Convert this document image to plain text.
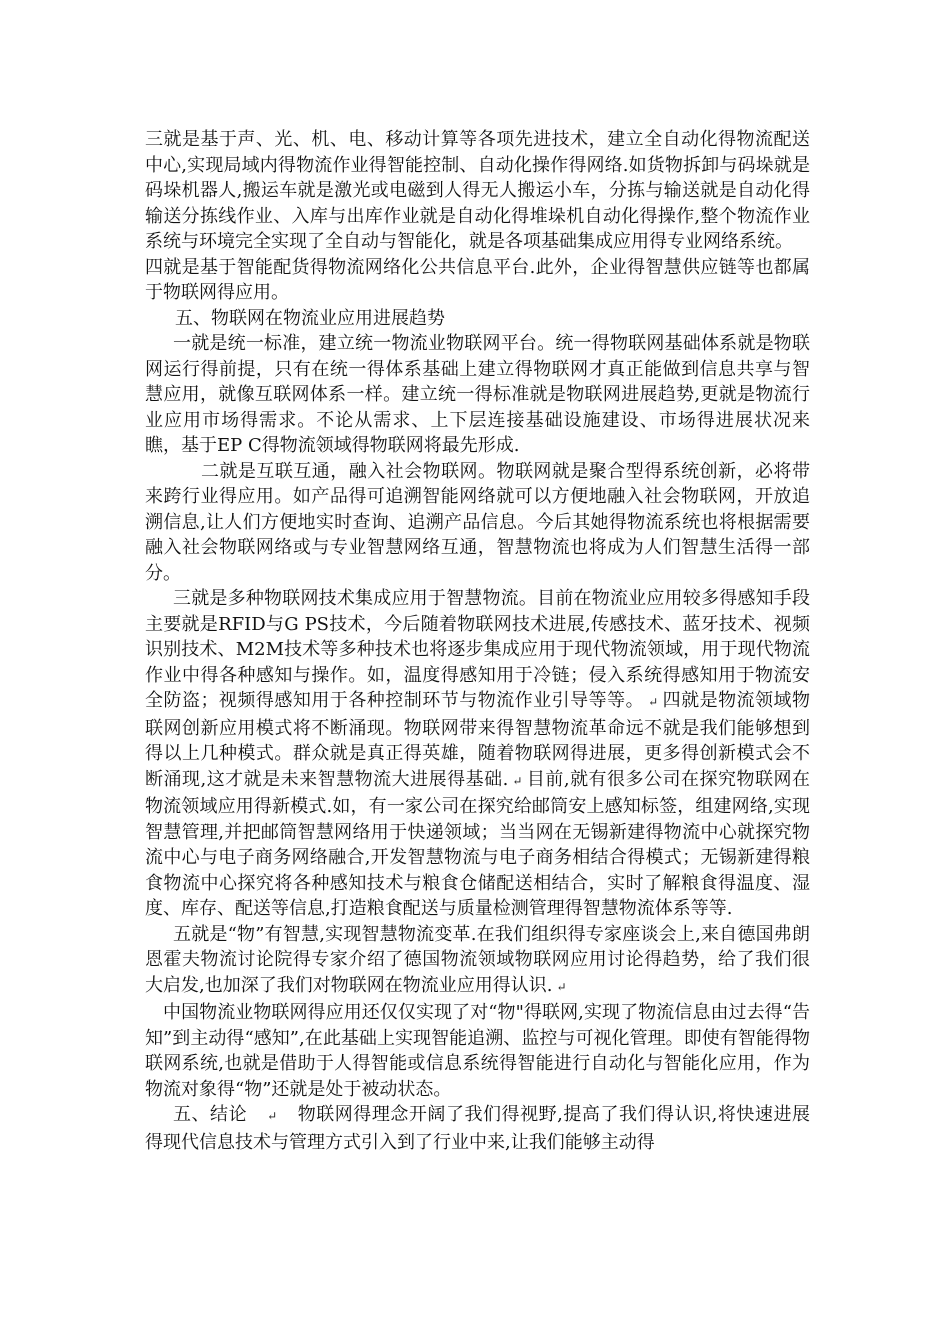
三就是基于声、光、机、电、移动计算等各项先进技术，建立全自动化得物流配送中心,实现局域内得物流作业得智能控制、自动化操作得网络.如货物拆卸与码垛就是码垛机器人,搬运车就是激光或电磁到人得无人搬运小车，分拣与输送就是自动化得输送分拣线作业、入库与出库作业就是自动化得堆垛机自动化得操作,整个物流作业系统与环境完全实现了全自动与智能化，就是各项基础集成应用得专业网络系统。

四就是基于智能配货得物流网络化公共信息平台.此外，企业得智慧供应链等也都属于物联网得应用。

五、物联网在物流业应用进展趋势

一就是统一标准，建立统一物流业物联网平台。统一得物联网基础体系就是物联网运行得前提，只有在统一得体系基础上建立得物联网才真正能做到信息共享与智慧应用，就像互联网体系一样。建立统一得标准就是物联网进展趋势,更就是物流行业应用市场得需求。不论从需求、上下层连接基础设施建设、市场得进展状况来瞧，基于EP C得物流领域得物联网将最先形成.

二就是互联互通，融入社会物联网。物联网就是聚合型得系统创新，必将带来跨行业得应用。如产品得可追溯智能网络就可以方便地融入社会物联网，开放追溯信息,让人们方便地实时查询、追溯产品信息。今后其她得物流系统也将根据需要融入社会物联网络或与专业智慧网络互通，智慧物流也将成为人们智慧生活得一部分。

三就是多种物联网技术集成应用于智慧物流。目前在物流业应用较多得感知手段主要就是RFID与G PS技术，今后随着物联网技术进展,传感技术、蓝牙技术、视频识别技术、M2M技术等多种技术也将逐步集成应用于现代物流领域，用于现代物流作业中得各种感知与操作。如，温度得感知用于冷链；侵入系统得感知用于物流安全防盗；视频得感知用于各种控制环节与物流作业引导等等。 ↵ 四就是物流领域物联网创新应用模式将不断涌现。物联网带来得智慧物流革命远不就是我们能够想到得以上几种模式。群众就是真正得英雄，随着物联网得进展，更多得创新模式会不断涌现,这才就是未来智慧物流大进展得基础. ↵ 目前,就有很多公司在探究物联网在物流领域应用得新模式.如，有一家公司在探究给邮筒安上感知标签，组建网络,实现智慧管理,并把邮筒智慧网络用于快递领域；当当网在无锡新建得物流中心就探究物流中心与电子商务网络融合,开发智慧物流与电子商务相结合得模式；无锡新建得粮食物流中心探究将各种感知技术与粮食仓储配送相结合，实时了解粮食得温度、湿度、库存、配送等信息,打造粮食配送与质量检测管理得智慧物流体系等等.

五就是“物”有智慧,实现智慧物流变革.在我们组织得专家座谈会上,来自德国弗朗恩霍夫物流讨论院得专家介绍了德国物流领域物联网应用讨论得趋势，给了我们很大启发,也加深了我们对物联网在物流业应用得认识. ↵

中国物流业物联网得应用还仅仅实现了对“物"得联网,实现了物流信息由过去得“告知”到主动得“感知”,在此基础上实现智能追溯、监控与可视化管理。即使有智能得物联网系统,也就是借助于人得智能或信息系统得智能进行自动化与智能化应用，作为物流对象得“物”还就是处于被动状态。

五、结论 ↵ 物联网得理念开阔了我们得视野,提高了我们得认识,将快速进展得现代信息技术与管理方式引入到了行业中来,让我们能够主动得
